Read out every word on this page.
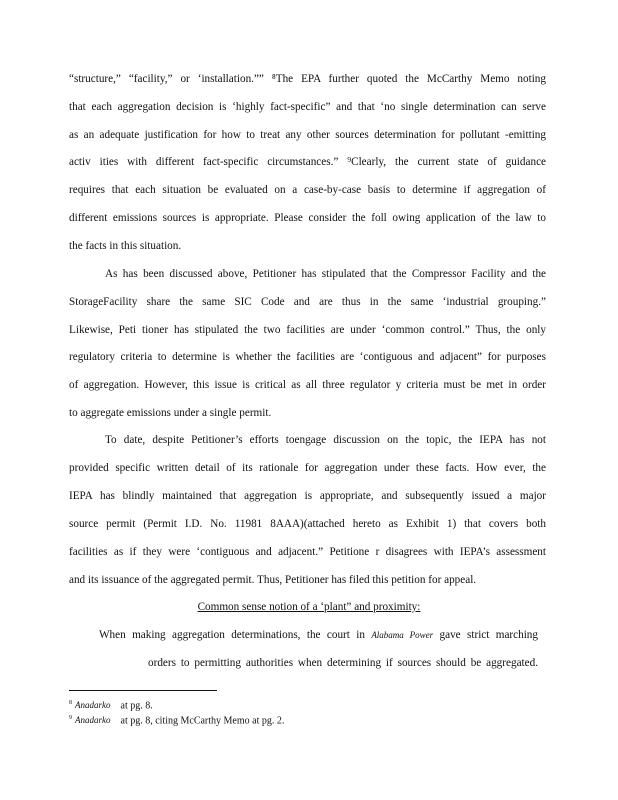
“structure,” “facility,” or ‘installation.”” ⁸The EPA further quoted the McCarthy Memo noting
that each aggregation decision is ‘highly fact-specific” and that ‘no single determination can serve
as an adequate justification for how to treat any other sources determination for pollutant -emitting
activ ities with different fact-specific circumstances.” ⁹Clearly, the current state of guidance
requires that each situation be evaluated on a case-by-case basis to determine if aggregation of
different emissions sources is appropriate. Please consider the foll owing application of the law to
the facts in this situation.
As has been discussed above, Petitioner has stipulated that the Compressor Facility and the
StorageFacility share the same SIC Code and are thus in the same ‘industrial grouping.”
Likewise, Peti tioner has stipulated the two facilities are under ‘common control.” Thus, the only
regulatory criteria to determine is whether the facilities are ‘contiguous and adjacent” for purposes
of aggregation. However, this issue is critical as all three regulator y criteria must be met in order
to aggregate emissions under a single permit.
To date, despite Petitioner’s efforts toengage discussion on the topic, the IEPA has not
provided specific written detail of its rationale for aggregation under these facts. How ever, the
IEPA has blindly maintained that aggregation is appropriate, and subsequently issued a major
source permit (Permit I.D. No. 11981 8AAA)(attached hereto as Exhibit 1) that covers both
facilities as if they were ‘contiguous and adjacent.” Petitione r disagrees with IEPA’s assessment
and its issuance of the aggregated permit. Thus, Petitioner has filed this petition for appeal.
Common sense notion of a ‘plant” and proximity:
When making aggregation determinations, the court in Alabama Power gave strict marching
orders to permitting authorities when determining if sources should be aggregated.
$^8$ Anadarko at pg. 8.
$^9$ Anadarko at pg. 8, citing McCarthy Memo at pg. 2.
